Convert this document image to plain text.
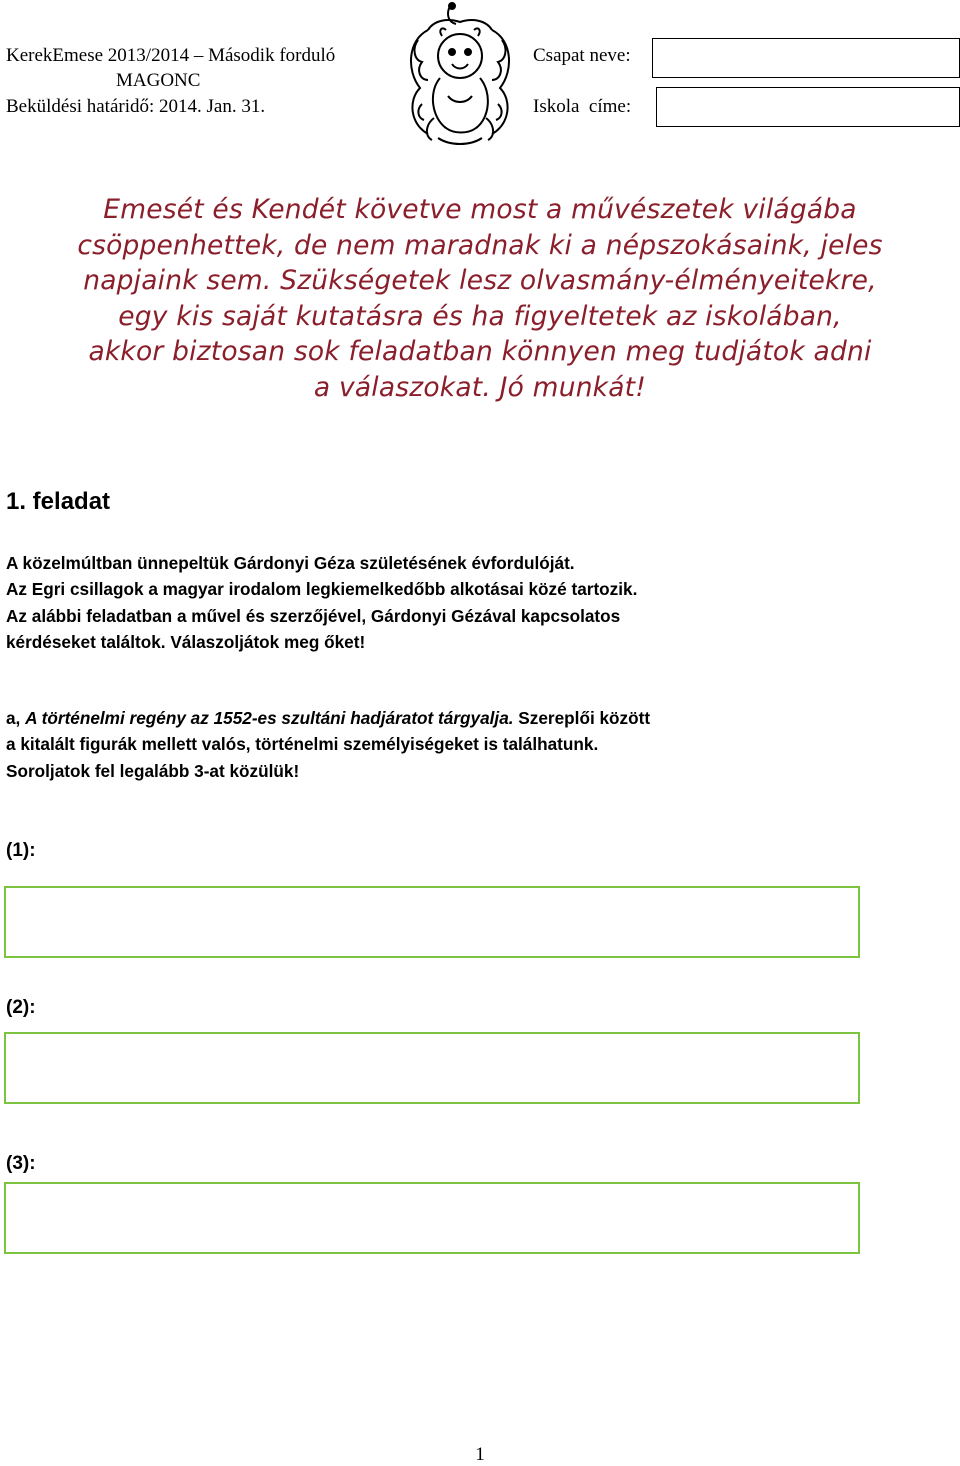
KerekEmese 2013/2014 – Második forduló
MAGONC
Beküldési határidő: 2014. Jan. 31.
Csapat neve:
Iskola  címe:
Emesét és Kendét követve most a művészetek világába
csöppenhettek, de nem maradnak ki a népszokásaink, jeles
napjaink sem. Szükségetek lesz olvasmány-élményeitekre,
egy kis saját kutatásra és ha figyeltetek az iskolában,
akkor biztosan sok feladatban könnyen meg tudjátok adni
a válaszokat. Jó munkát!
1. feladat
A közelmúltban ünnepeltük Gárdonyi Géza születésének évfordulóját.
Az Egri csillagok a magyar irodalom legkiemelkedőbb alkotásai közé tartozik.
Az alábbi feladatban a művel és szerzőjével, Gárdonyi Gézával kapcsolatos
kérdéseket találtok. Válaszoljátok meg őket!
a, A történelmi regény az 1552-es szultáni hadjáratot tárgyalja. Szereplői között
a kitalált figurák mellett valós, történelmi személyiségeket is találhatunk.
Soroljatok fel legalább 3-at közülük!
(1):
(2):
(3):
1
